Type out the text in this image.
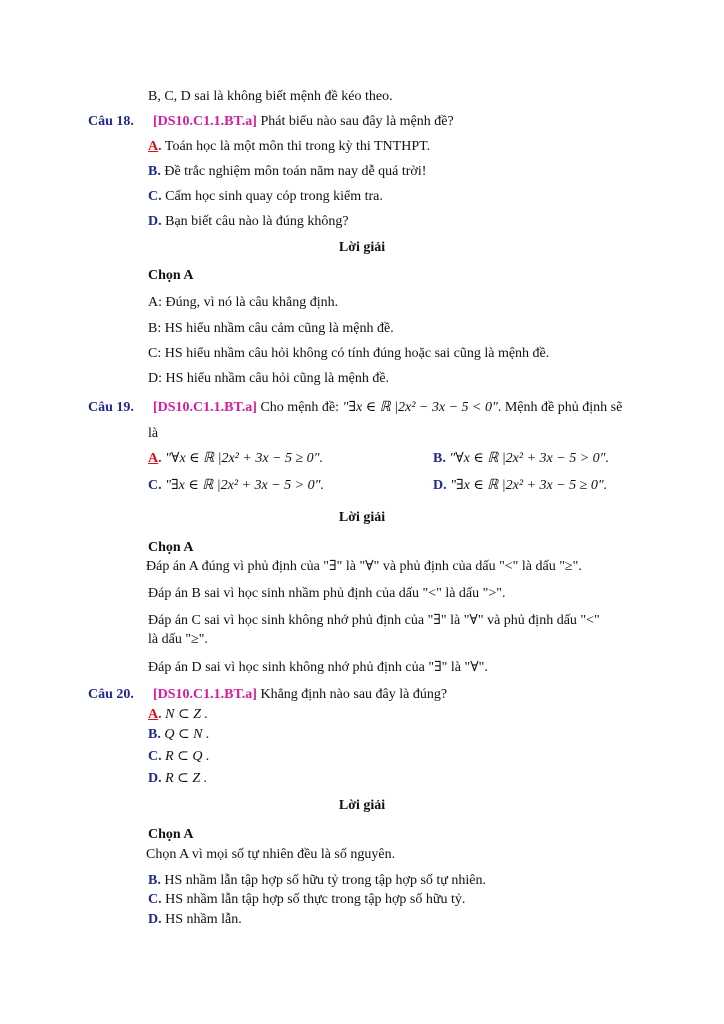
B, C, D sai là không biết mệnh đề kéo theo.
Câu 18. [DS10.C1.1.BT.a] Phát biểu nào sau đây là mệnh đề?
A. Toán học là một môn thi trong kỳ thi TNTHPT.
B. Đề trắc nghiệm môn toán năm nay dễ quá trời!
C. Cấm học sinh quay cóp trong kiểm tra.
D. Bạn biết câu nào là đúng không?
Lời giải
Chọn A
A: Đúng, vì nó là câu khẳng định.
B: HS hiểu nhầm câu cảm cũng là mệnh đề.
C: HS hiểu nhầm câu hỏi không có tính đúng hoặc sai cũng là mệnh đề.
D: HS hiểu nhầm câu hỏi cũng là mệnh đề.
Câu 19. [DS10.C1.1.BT.a] Cho mệnh đề: "∃x ∈ ℝ |2x² − 3x − 5 < 0". Mệnh đề phủ định sẽ
là
A. "∀x ∈ ℝ |2x² + 3x − 5 ≥ 0".	B. "∀x ∈ ℝ |2x² + 3x − 5 > 0".
C. "∃x ∈ ℝ |2x² + 3x − 5 > 0".	D. "∃x ∈ ℝ |2x² + 3x − 5 ≥ 0".
Lời giải
Chọn A
Đáp án A đúng vì phủ định của "∃" là "∀" và phủ định của dấu "<" là dấu "≥".
Đáp án B sai vì học sinh nhầm phủ định của dấu "<" là dấu ">".
Đáp án C sai vì học sinh không nhớ phủ định của "∃" là "∀" và phủ định dấu "<"
là dấu "≥".
Đáp án D sai vì học sinh không nhớ phủ định của "∃" là "∀".
Câu 20. [DS10.C1.1.BT.a] Khẳng định nào sau đây là đúng?
A. N ⊂ Z .
B. Q ⊂ N .
C. R ⊂ Q .
D. R ⊂ Z .
Lời giải
Chọn A
Chọn A vì mọi số tự nhiên đều là số nguyên.
B. HS nhầm lẫn tập hợp số hữu tỷ trong tập hợp số tự nhiên.
C. HS nhầm lẫn tập hợp số thực trong tập hợp số hữu tỷ.
D. HS nhầm lẫn.
